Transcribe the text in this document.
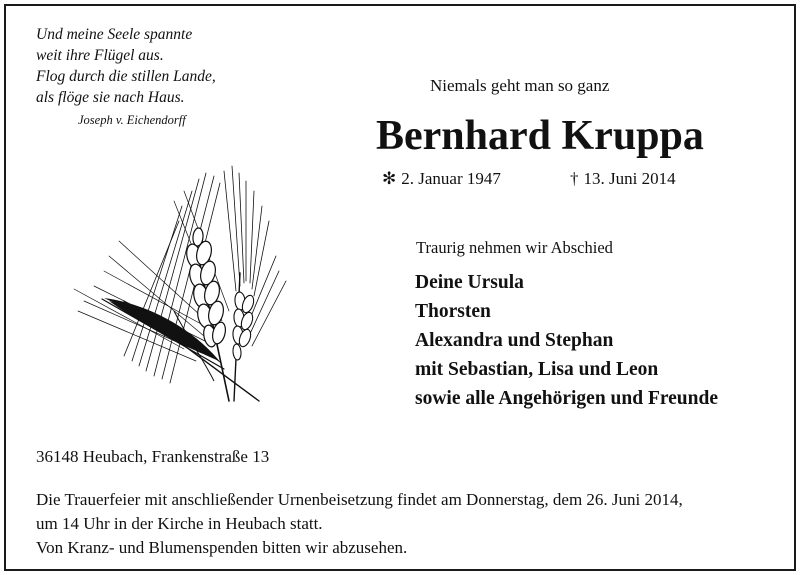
Und meine Seele spannte
weit ihre Flügel aus.
Flog durch die stillen Lande,
als flöge sie nach Haus.
Joseph v. Eichendorff
Niemals geht man so ganz
Bernhard Kruppa
✻ 2. Januar 1947	† 13. Juni 2014
Traurig nehmen wir Abschied
Deine Ursula
Thorsten
Alexandra und Stephan
mit Sebastian, Lisa und Leon
sowie alle Angehörigen und Freunde
36148 Heubach, Frankenstraße 13
Die Trauerfeier mit anschließender Urnenbeisetzung findet am Donnerstag, dem 26. Juni 2014,
um 14 Uhr in der Kirche in Heubach statt.
Von Kranz- und Blumenspenden bitten wir abzusehen.
